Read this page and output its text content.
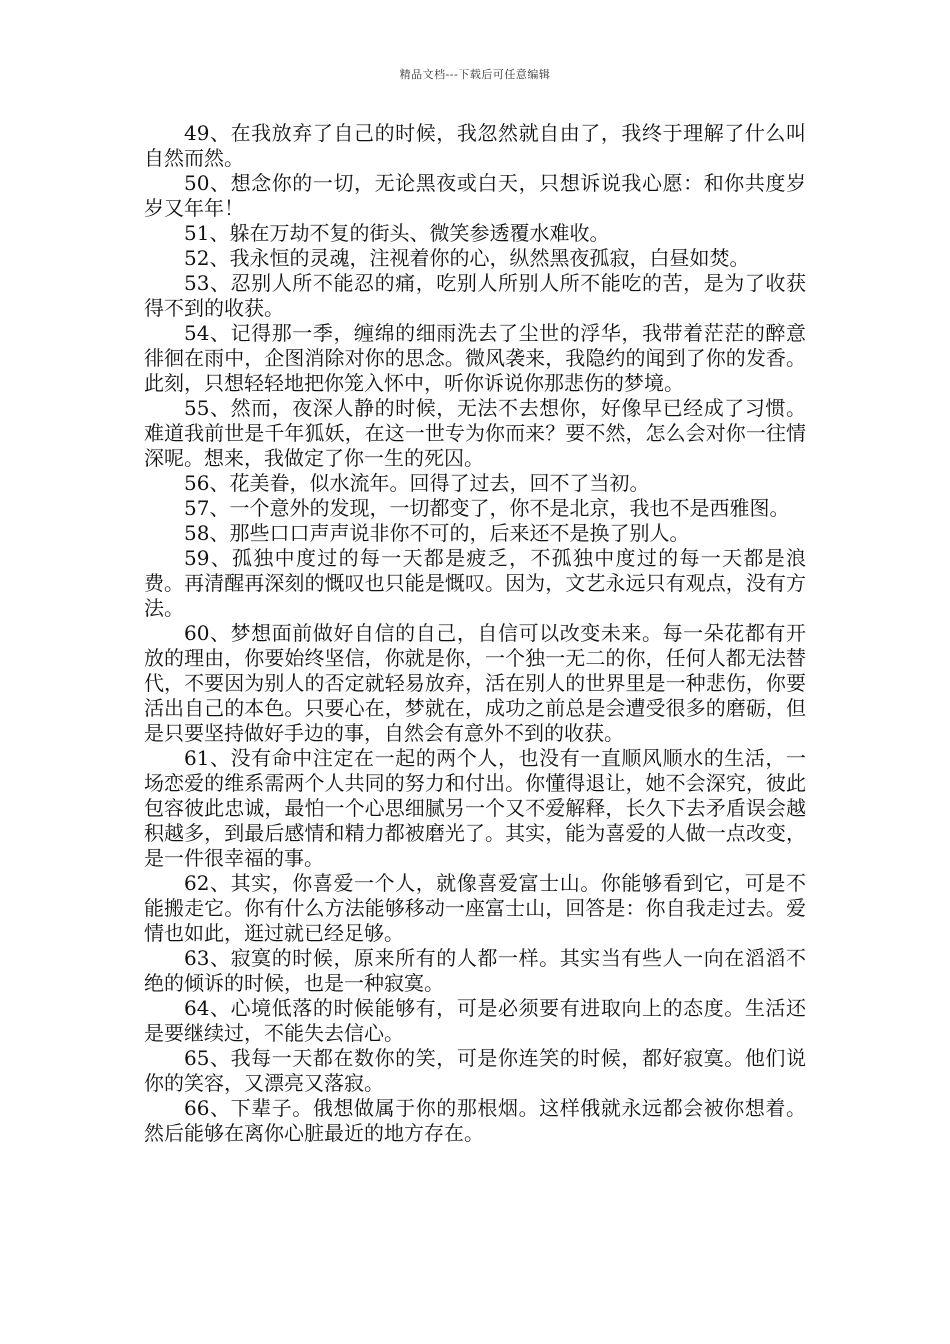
精品文档---下载后可任意编辑

49、在我放弃了自己的时候，我忽然就自由了，我终于理解了什么叫自然而然。

50、想念你的一切，无论黑夜或白天，只想诉说我心愿：和你共度岁岁又年年！

51、躲在万劫不复的街头、微笑参透覆水难收。

52、我永恒的灵魂，注视着你的心，纵然黑夜孤寂，白昼如焚。

53、忍别人所不能忍的痛，吃别人所别人所不能吃的苦，是为了收获得不到的收获。

54、记得那一季，缠绵的细雨洗去了尘世的浮华，我带着茫茫的醉意徘徊在雨中，企图消除对你的思念。微风袭来，我隐约的闻到了你的发香。此刻，只想轻轻地把你笼入怀中，听你诉说你那悲伤的梦境。

55、然而，夜深人静的时候，无法不去想你，好像早已经成了习惯。难道我前世是千年狐妖，在这一世专为你而来？要不然，怎么会对你一往情深呢。想来，我做定了你一生的死囚。

56、花美眷，似水流年。回得了过去，回不了当初。

57、一个意外的发现，一切都变了，你不是北京，我也不是西雅图。

58、那些口口声声说非你不可的，后来还不是换了别人。

59、孤独中度过的每一天都是疲乏，不孤独中度过的每一天都是浪费。再清醒再深刻的慨叹也只能是慨叹。因为，文艺永远只有观点，没有方法。

60、梦想面前做好自信的自己，自信可以改变未来。每一朵花都有开放的理由，你要始终坚信，你就是你，一个独一无二的你，任何人都无法替代，不要因为别人的否定就轻易放弃，活在别人的世界里是一种悲伤，你要活出自己的本色。只要心在，梦就在，成功之前总是会遭受很多的磨砺，但是只要坚持做好手边的事，自然会有意外不到的收获。

61、没有命中注定在一起的两个人，也没有一直顺风顺水的生活，一场恋爱的维系需两个人共同的努力和付出。你懂得退让，她不会深究，彼此包容彼此忠诚，最怕一个心思细腻另一个又不爱解释，长久下去矛盾误会越积越多，到最后感情和精力都被磨光了。其实，能为喜爱的人做一点改变，是一件很幸福的事。

62、其实，你喜爱一个人，就像喜爱富士山。你能够看到它，可是不能搬走它。你有什么方法能够移动一座富士山，回答是：你自我走过去。爱情也如此，逛过就已经足够。

63、寂寞的时候，原来所有的人都一样。其实当有些人一向在滔滔不绝的倾诉的时候，也是一种寂寞。

64、心境低落的时候能够有，可是必须要有进取向上的态度。生活还是要继续过，不能失去信心。

65、我每一天都在数你的笑，可是你连笑的时候，都好寂寞。他们说你的笑容，又漂亮又落寂。

66、下辈子。俄想做属于你的那根烟。这样俄就永远都会被你想着。然后能够在离你心脏最近的地方存在。
